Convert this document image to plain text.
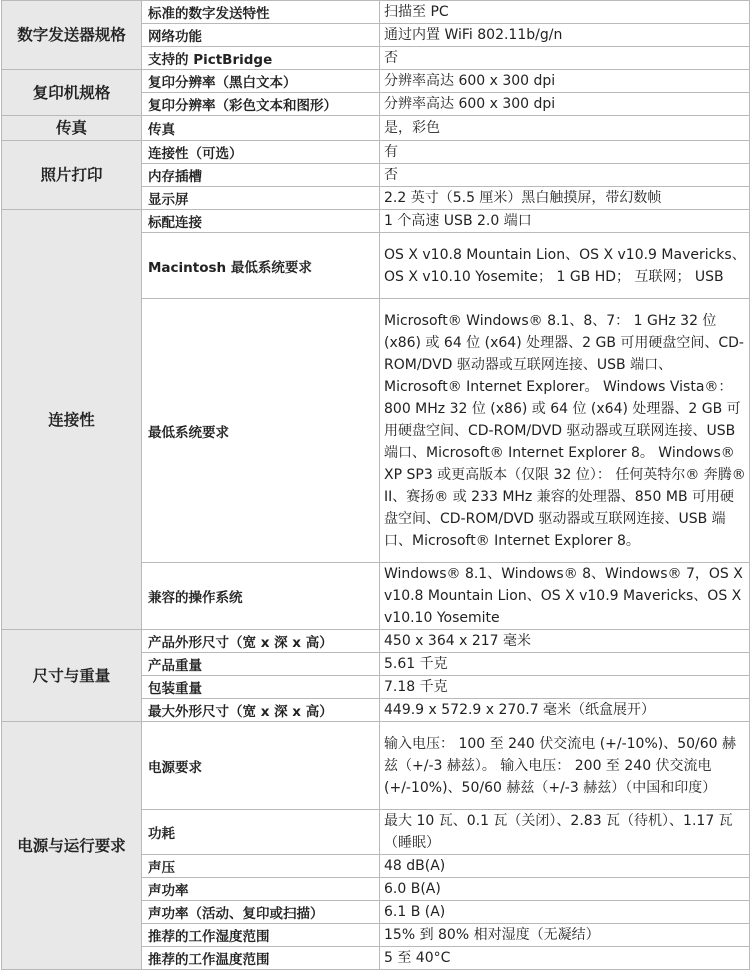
数字发送器规格	标准的数字发送特性	扫描至 PC
	网络功能	通过内置 WiFi 802.11b/g/n
	支持的 PictBridge	否
复印机规格	复印分辨率（黑白文本）	分辨率高达 600 x 300 dpi
	复印分辨率（彩色文本和图形）	分辨率高达 600 x 300 dpi
传真	传真	是，彩色
照片打印	连接性（可选）	有
	内存插槽	否
	显示屏	2.2 英寸（5.5 厘米）黑白触摸屏，带幻数帧
连接性	标配连接	1 个高速 USB 2.0 端口
	Macintosh 最低系统要求	OS X v10.8 Mountain Lion、OS X v10.9 Mavericks、OS X v10.10 Yosemite； 1 GB HD； 互联网； USB
	最低系统要求	Microsoft® Windows® 8.1、8、7： 1 GHz 32 位 (x86) 或 64 位 (x64) 处理器、2 GB 可用硬盘空间、CD-ROM/DVD 驱动器或互联网连接、USB 端口、Microsoft® Internet Explorer。 Windows Vista®： 800 MHz 32 位 (x86) 或 64 位 (x64) 处理器、2 GB 可用硬盘空间、CD-ROM/DVD 驱动器或互联网连接、USB 端口、Microsoft® Internet Explorer 8。 Windows® XP SP3 或更高版本（仅限 32 位）： 任何英特尔® 奔腾® II、赛扬® 或 233 MHz 兼容的处理器、850 MB 可用硬盘空间、CD-ROM/DVD 驱动器或互联网连接、USB 端口、Microsoft® Internet Explorer 8。
	兼容的操作系统	Windows® 8.1、Windows® 8、Windows® 7，OS X v10.8 Mountain Lion、OS X v10.9 Mavericks、OS X v10.10 Yosemite
尺寸与重量	产品外形尺寸（宽 x 深 x 高）	450 x 364 x 217 毫米
	产品重量	5.61 千克
	包装重量	7.18 千克
	最大外形尺寸（宽 x 深 x 高）	449.9 x 572.9 x 270.7 毫米（纸盒展开）
电源与运行要求	电源要求	输入电压： 100 至 240 伏交流电 (+/-10%)、50/60 赫兹（+/-3 赫兹）。 输入电压： 200 至 240 伏交流电 (+/-10%)、50/60 赫兹（+/-3 赫兹）（中国和印度）
	功耗	最大 10 瓦、0.1 瓦（关闭）、2.83 瓦（待机）、1.17 瓦（睡眠）
	声压	48 dB(A)
	声功率	6.0 B(A)
	声功率（活动、复印或扫描）	6.1 B (A)
	推荐的工作湿度范围	15% 到 80% 相对湿度（无凝结）
	推荐的工作温度范围	5 至 40°C
